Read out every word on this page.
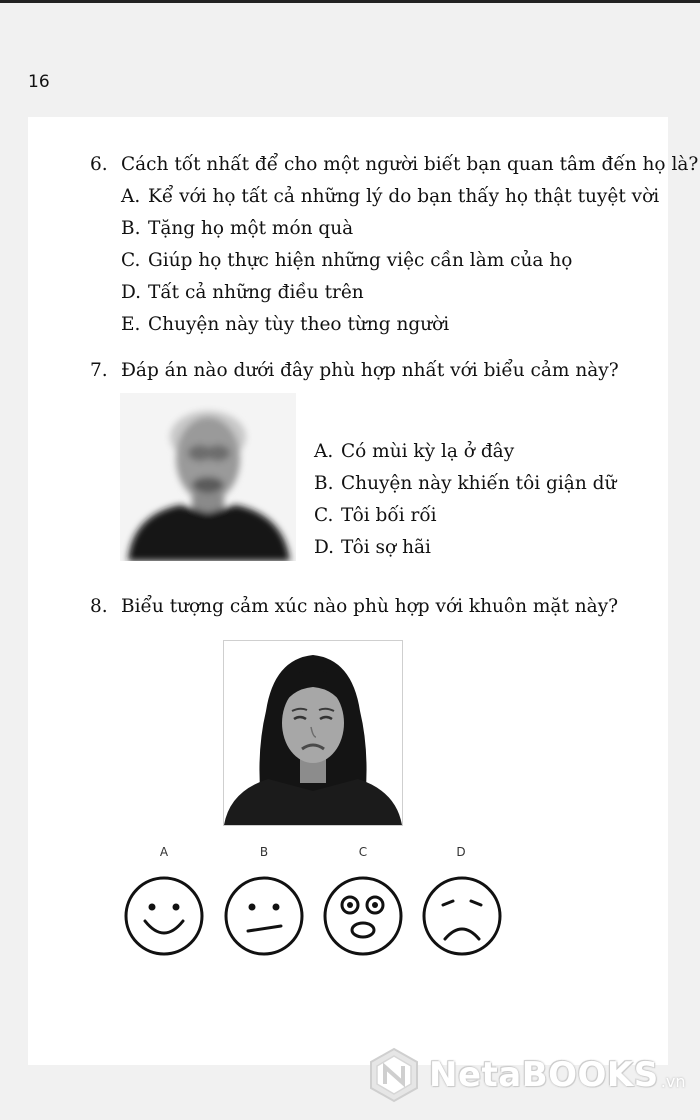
16
6. Cách tốt nhất để cho một người biết bạn quan tâm đến họ là?
A. Kể với họ tất cả những lý do bạn thấy họ thật tuyệt vời
B. Tặng họ một món quà
C. Giúp họ thực hiện những việc cần làm của họ
D. Tất cả những điều trên
E. Chuyện này tùy theo từng người
7. Đáp án nào dưới đây phù hợp nhất với biểu cảm này?
A. Có mùi kỳ lạ ở đây
B. Chuyện này khiến tôi giận dữ
C. Tôi bối rối
D. Tôi sợ hãi
8. Biểu tượng cảm xúc nào phù hợp với khuôn mặt này?
A	B	C	D
NetaBOOKS .vn
